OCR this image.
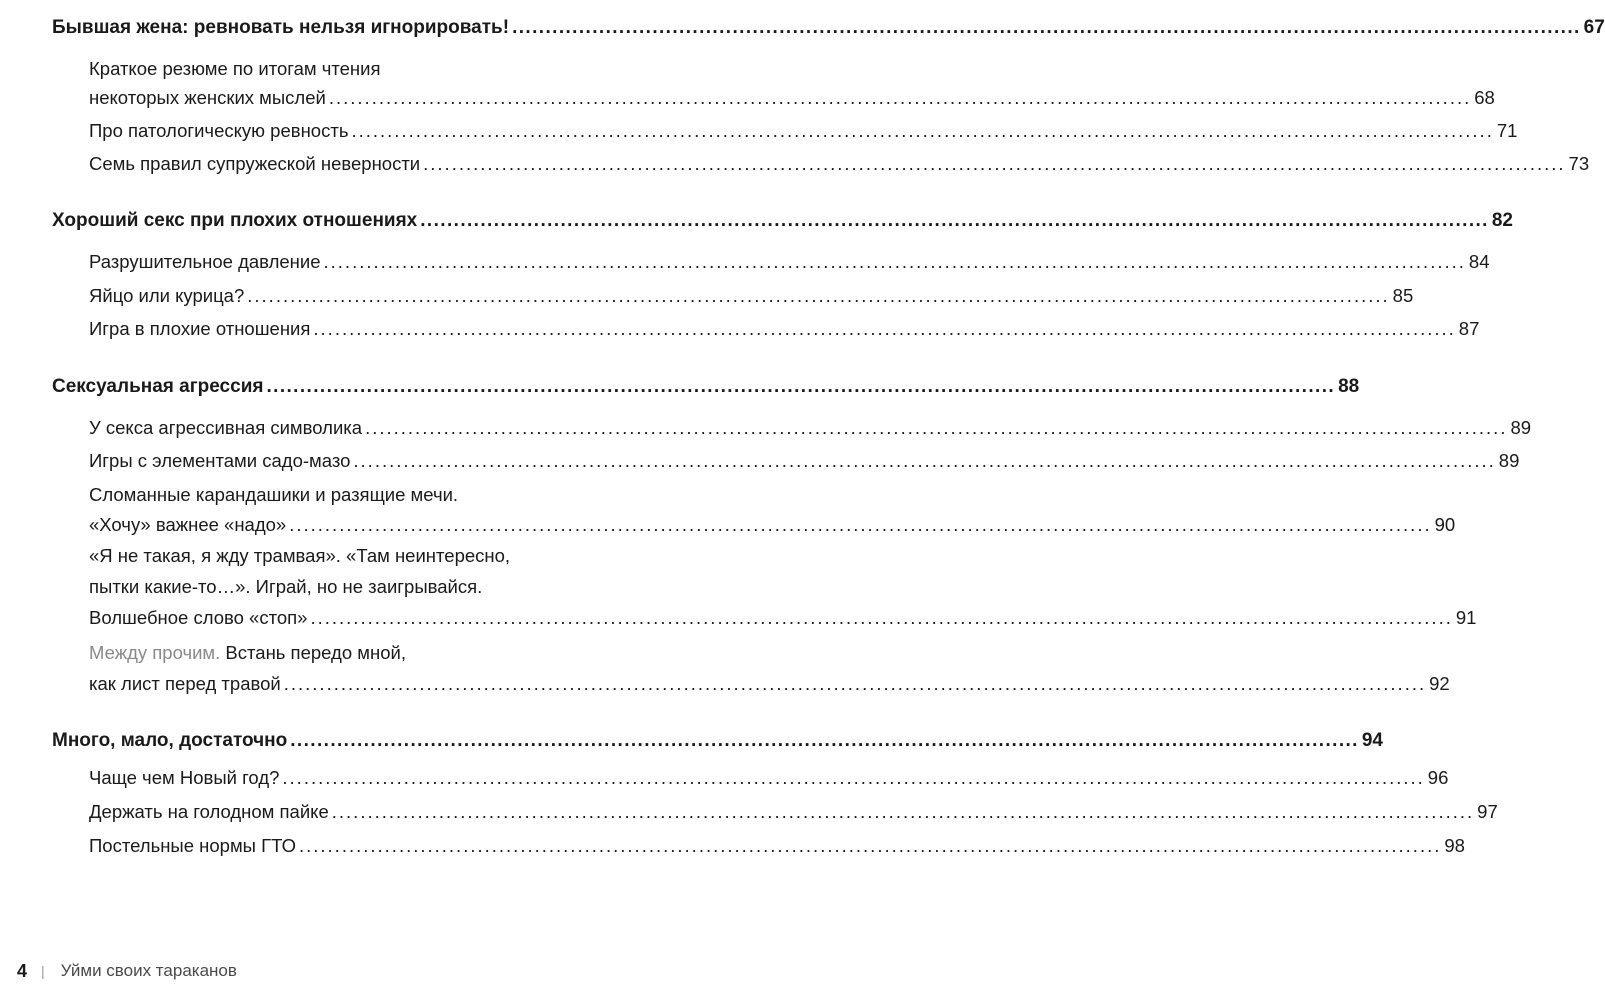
Бывшая жена: ревновать нельзя игнорировать! ................................................................................................................................................................ 67
Краткое резюме по итогам чтения
некоторых женских мыслей ................................................................................................................................................................ 68
Про патологическую ревность ................................................................................................................................................................ 71
Семь правил супружеской неверности ................................................................................................................................................................ 73
Хороший секс при плохих отношениях ................................................................................................................................................................ 82
Разрушительное давление ................................................................................................................................................................ 84
Яйцо или курица? ................................................................................................................................................................ 85
Игра в плохие отношения ................................................................................................................................................................ 87
Сексуальная агрессия ................................................................................................................................................................ 88
У секса агрессивная символика ................................................................................................................................................................ 89
Игры с элементами садо-мазо ................................................................................................................................................................ 89
Сломанные карандашики и разящие мечи.
«Хочу» важнее «надо» ................................................................................................................................................................ 90
«Я не такая, я жду трамвая». «Там неинтересно,
пытки какие-то…». Играй, но не заигрывайся.
Волшебное слово «стоп» ................................................................................................................................................................ 91
Между прочим. Встань передо мной,
как лист перед травой ................................................................................................................................................................ 92
Много, мало, достаточно ................................................................................................................................................................ 94
Чаще чем Новый год? ................................................................................................................................................................ 96
Держать на голодном пайке ................................................................................................................................................................ 97
Постельные нормы ГТО ................................................................................................................................................................ 98
4 | Уйми своих тараканов
